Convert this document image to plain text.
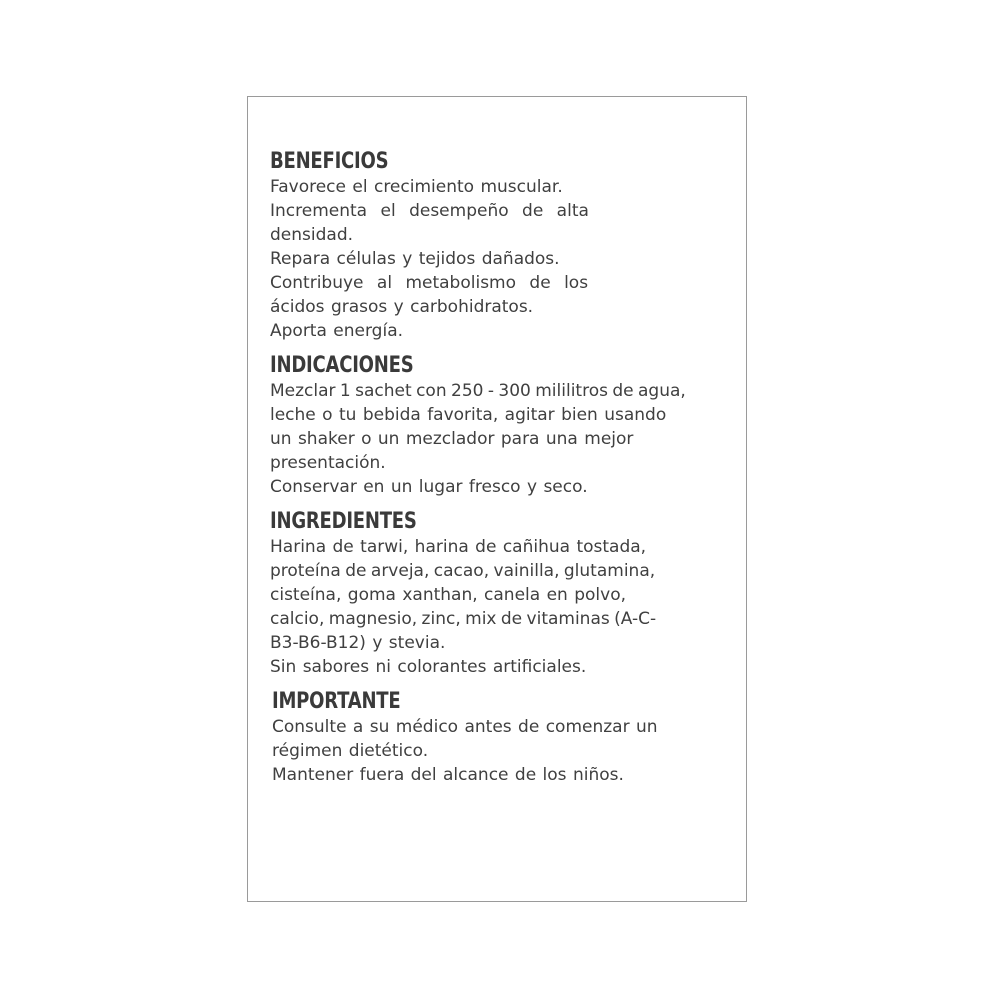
BENEFICIOS

Favorece el crecimiento muscular.

Incrementa el desempeño de alta

densidad.

Repara células y tejidos dañados.

Contribuye al metabolismo de los

ácidos grasos y carbohidratos.

Aporta energía.

INDICACIONES

Mezclar 1 sachet con 250 - 300 mililitros de agua,

leche o tu bebida favorita, agitar bien usando

un shaker o un mezclador para una mejor

presentación.

Conservar en un lugar fresco y seco.

INGREDIENTES

Harina de tarwi, harina de cañihua tostada,

proteína de arveja, cacao, vainilla, glutamina,

cisteína, goma xanthan, canela en polvo,

calcio, magnesio, zinc, mix de vitaminas (A-C-

B3-B6-B12) y stevia.

Sin sabores ni colorantes artificiales.

IMPORTANTE

Consulte a su médico antes de comenzar un

régimen dietético.

Mantener fuera del alcance de los niños.
